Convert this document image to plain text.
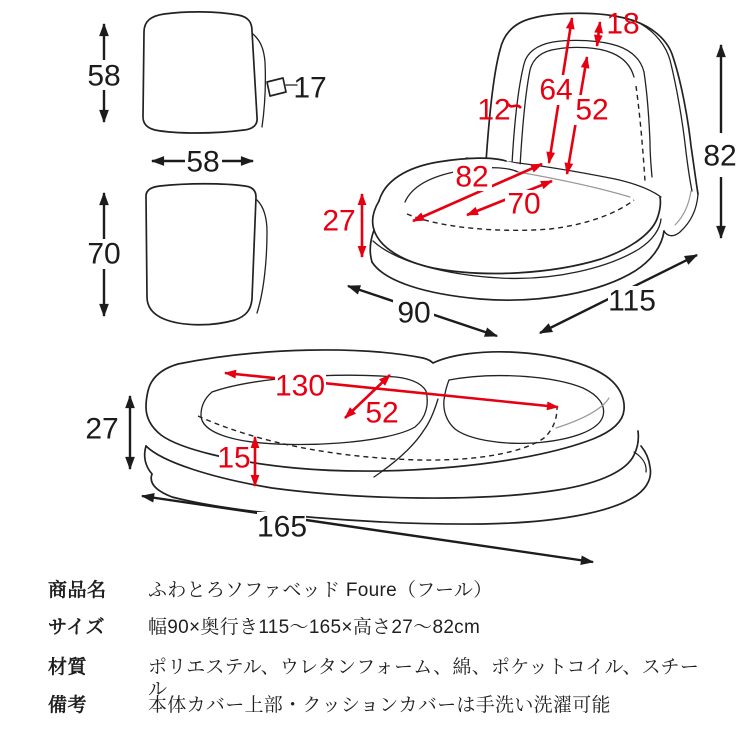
58
58
17
70
18
64
52
12
82
70
27
82
90	115
130
52
15
27
165
商品名	ふわとろソファベッド Foure（フール）
サイズ	幅90×奥行き115〜165×高さ27〜82cm
材質	ポリエステル、ウレタンフォーム、綿、ポケットコイル、スチール
備考	本体カバー上部・クッションカバーは手洗い洗濯可能
